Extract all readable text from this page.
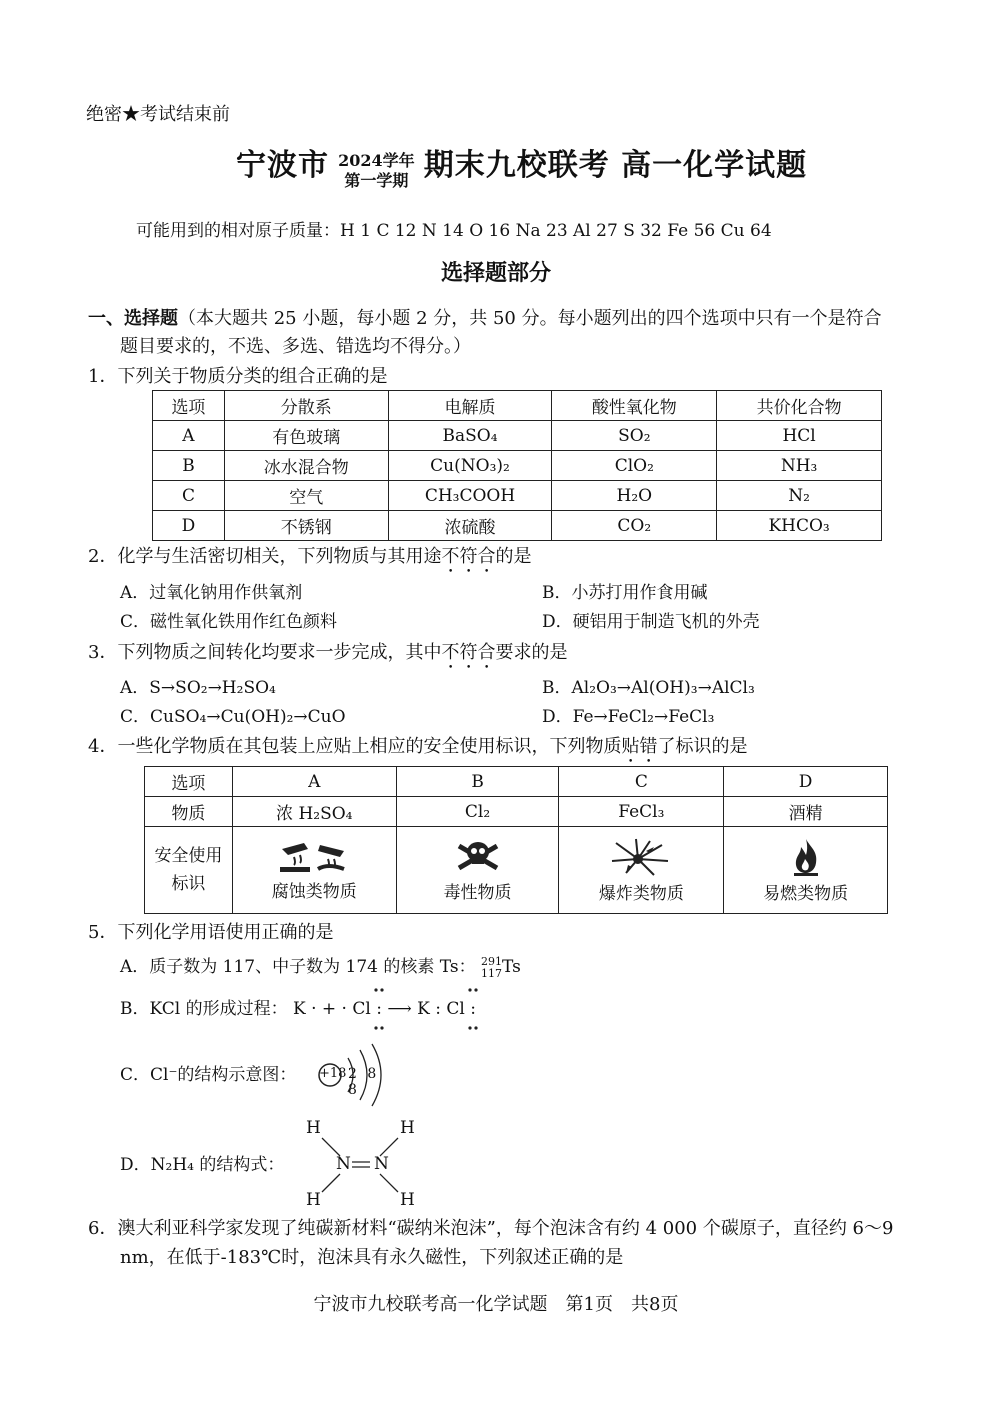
绝密★考试结束前
宁波市 2024学年
第一学期 期末九校联考 高一化学试题
可能用到的相对原子质量：H 1 C 12 N 14 O 16 Na 23 Al 27 S 32 Fe 56 Cu 64
选择题部分
一、选择题（本大题共 25 小题，每小题 2 分，共 50 分。每小题列出的四个选项中只有一个是符合
题目要求的，不选、多选、错选均不得分。）
1．下列关于物质分类的组合正确的是
选项	分散系	电解质	酸性氧化物	共价化合物
A	有色玻璃	BaSO₄	SO₂	HCl
B	冰水混合物	Cu(NO₃)₂	ClO₂	NH₃
C	空气	CH₃COOH	H₂O	N₂
D	不锈钢	浓硫酸	CO₂	KHCO₃
2．化学与生活密切相关，下列物质与其用途不符合的是
A．过氧化钠用作供氧剂	B．小苏打用作食用碱
C．磁性氧化铁用作红色颜料	D．硬铝用于制造飞机的外壳
3．下列物质之间转化均要求一步完成，其中不符合要求的是
A．S→SO₂→H₂SO₄	B．Al₂O₃→Al(OH)₃→AlCl₃
C．CuSO₄→Cu(OH)₂→CuO	D．Fe→FeCl₂→FeCl₃
4．一些化学物质在其包装上应贴上相应的安全使用标识，下列物质贴错了标识的是
选项	A	B	C	D
物质	浓 H₂SO₄	Cl₂	FeCl₃	酒精
安全使用标识	腐蚀类物质	毒性物质	爆炸类物质	易燃类物质
5．下列化学用语使用正确的是
A．质子数为 117、中子数为 174 的核素 Ts： 291
117 Ts
B．KCl 的形成过程： K · + · Cl : ⟶ K : Cl :
C．Cl⁻的结构示意图： +18 2 8 8
D．N₂H₄ 的结构式：
H	H
H	H
N N
6．澳大利亚科学家发现了纯碳新材料“碳纳米泡沫”，每个泡沫含有约 4 000 个碳原子，直径约 6～9
nm，在低于-183℃时，泡沫具有永久磁性，下列叙述正确的是
宁波市九校联考高一化学试题　第1页　共8页
